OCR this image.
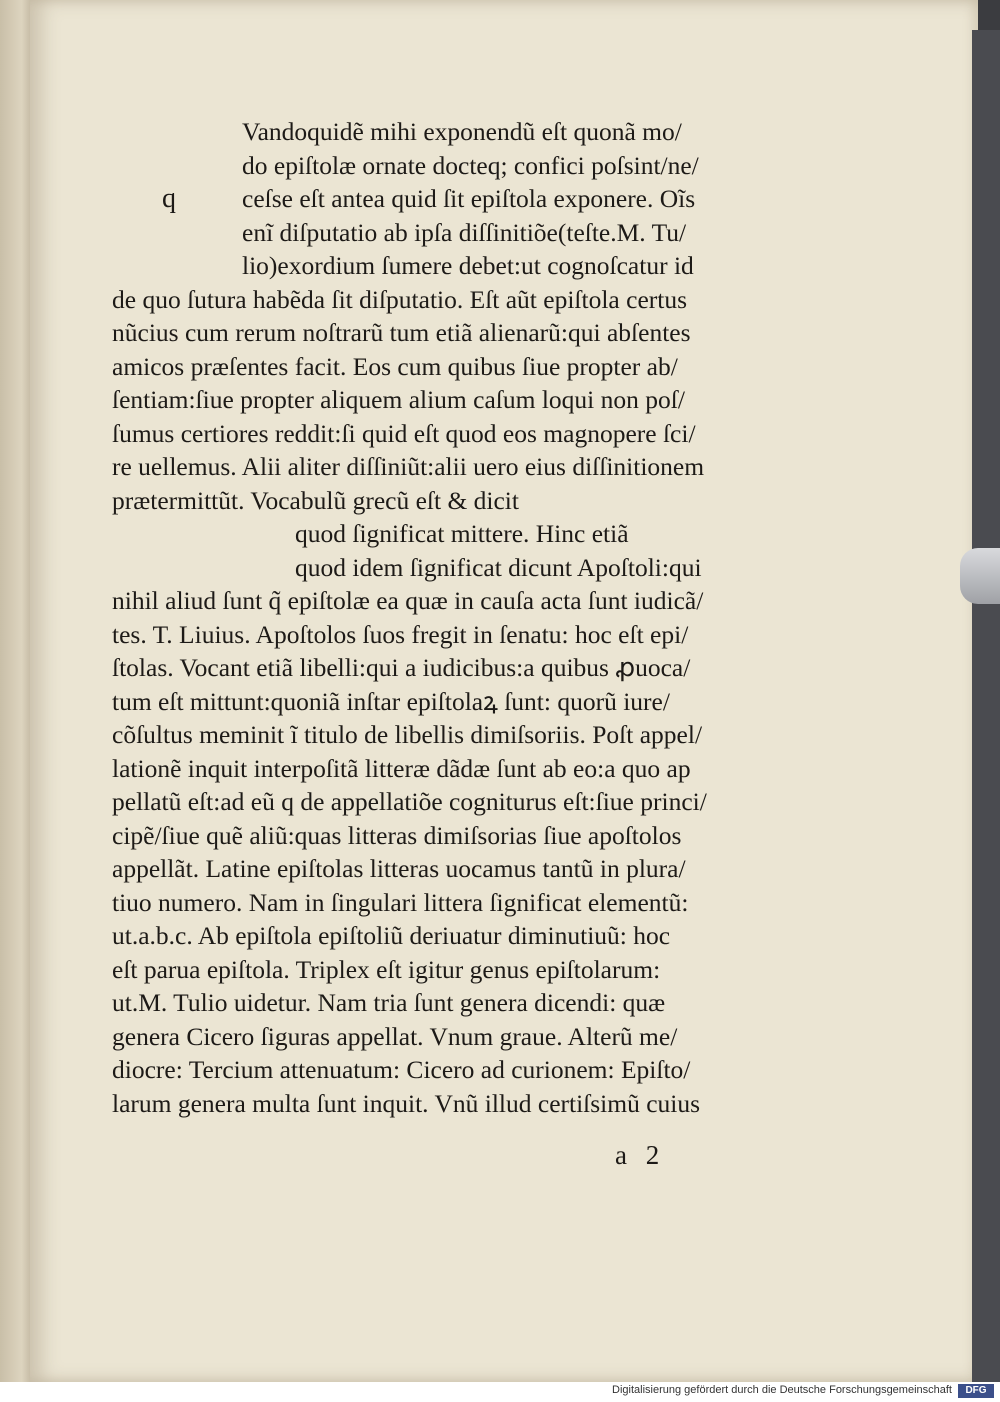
q
Vandoquidẽ mihi exponendũ eſt quonã mo/
do epiſtolæ ornate docteq; confici poſsint/ne/
ceſse eſt antea quid ſit epiſtola exponere. Oĩs
enĩ diſputatio ab ipſa diſſinitiõe(teſte.M. Tu/
lio)exordium ſumere debet:ut cognoſcatur id
de quo ſutura habẽda ſit diſputatio. Eſt aũt epiſtola certus
nũcius cum rerum noſtrarũ tum etiã alienarũ:qui abſentes
amicos præſentes facit. Eos cum quibus ſiue propter ab/
ſentiam:ſiue propter aliquem alium caſum loqui non poſ/
ſumus certiores reddit:ſi quid eſt quod eos magnopere ſci/
re uellemus. Alii aliter diſſiniũt:alii uero eius diſſinitionem
prætermittũt. Vocabulũ grecũ eſt & dicit
quod ſignificat mittere. Hinc etiã
quod idem ſignificat dicunt Apoſtoli:qui
nihil aliud ſunt q̃ epiſtolæ ea quæ in cauſa acta ſunt iudicã/
tes. T. Liuius. Apoſtolos ſuos fregit in ſenatu: hoc eſt epi/
ſtolas. Vocant etiã libelli:qui a iudicibus:a quibus ꝓuoca/
tum eſt mittunt:quoniã inſtar epiſtolaꝝ ſunt: quorũ iure/
cõſultus meminit ĩ titulo de libellis dimiſsoriis. Poſt appel/
lationẽ inquit interpoſitã litteræ dãdæ ſunt ab eo:a quo ap
pellatũ eſt:ad eũ q de appellatiõe cogniturus eſt:ſiue princi/
cipẽ/ſiue quẽ aliũ:quas litteras dimiſsorias ſiue apoſtolos
appellãt. Latine epiſtolas litteras uocamus tantũ in plura/
tiuo numero. Nam in ſingulari littera ſignificat elementũ:
ut.a.b.c. Ab epiſtola epiſtoliũ deriuatur diminutiuũ: hoc
eſt parua epiſtola. Triplex eſt igitur genus epiſtolarum:
ut.M. Tulio uidetur. Nam tria ſunt genera dicendi: quæ
genera Cicero ſiguras appellat. Vnum graue. Alterũ me/
diocre: Tercium attenuatum: Cicero ad curionem: Epiſto/
larum genera multa ſunt inquit. Vnũ illud certiſsimũ cuius
a 2
Digitalisierung gefördert durch die Deutsche Forschungsgemeinschaft	DFG
